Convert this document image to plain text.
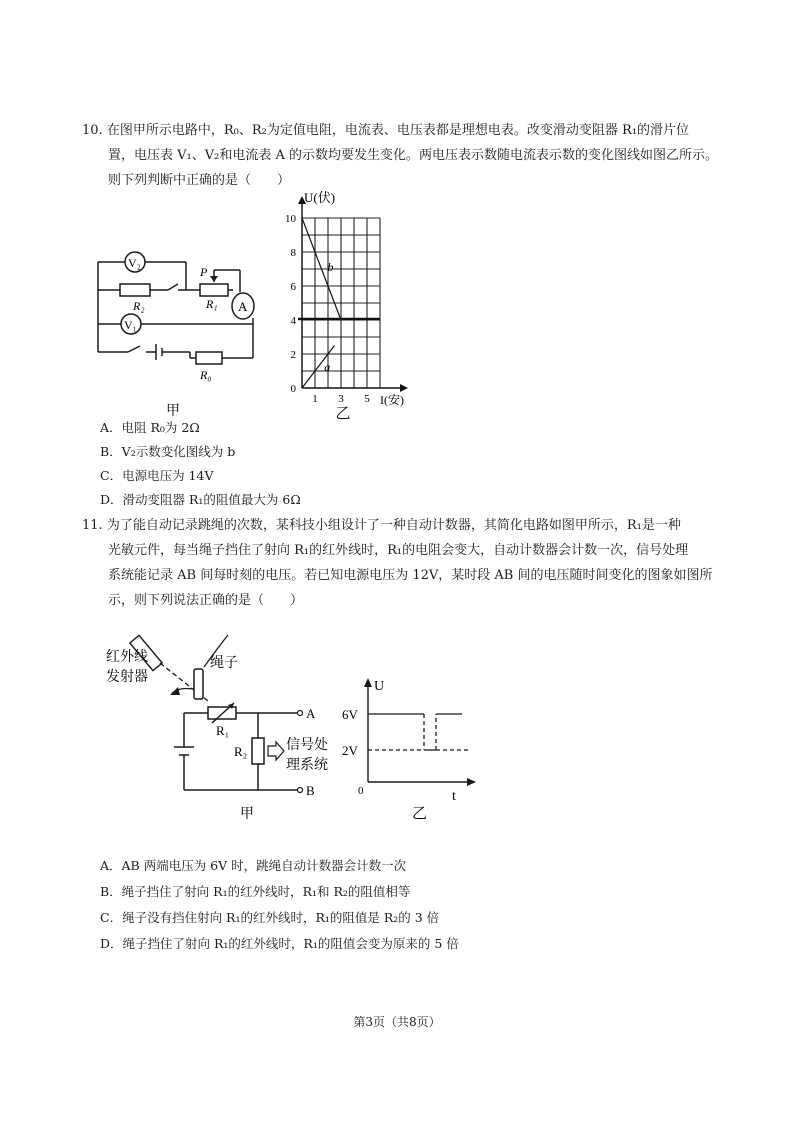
10. 在图甲所示电路中，R₀、R₂为定值电阻，电流表、电压表都是理想电表。改变滑动变阻器 R₁的滑片位
置，电压表 V₁、V₂和电流表 A 的示数均要发生变化。两电压表示数随电流表示数的变化图线如图乙所示。
则下列判断中正确的是（　　）
V₂
V₁
A
P
R₂	R₁
R₀
甲
b
a
U(伏)
I(安)
0
2
4
6
8
10
1 3 5
乙
A．电阻 R₀为 2Ω
B．V₂示数变化图线为 b
C．电源电压为 14V
D．滑动变阻器 R₁的阻值最大为 6Ω
11. 为了能自动记录跳绳的次数，某科技小组设计了一种自动计数器，其简化电路如图甲所示，R₁是一种
光敏元件，每当绳子挡住了射向 R₁的红外线时，R₁的电阻会变大，自动计数器会计数一次，信号处理
系统能记录 AB 间每时刻的电压。若已知电源电压为 12V，某时段 AB 间的电压随时间变化的图象如图所
示，则下列说法正确的是（　　）
红外线
发射器
绳子
R₁
R₂
A
B
信号处
理系统
甲
U
6V
2V
0	t
乙
A．AB 两端电压为 6V 时，跳绳自动计数器会计数一次
B．绳子挡住了射向 R₁的红外线时，R₁和 R₂的阻值相等
C．绳子没有挡住射向 R₁的红外线时，R₁的阻值是 R₂的 3 倍
D．绳子挡住了射向 R₁的红外线时，R₁的阻值会变为原来的 5 倍
第3页（共8页）
